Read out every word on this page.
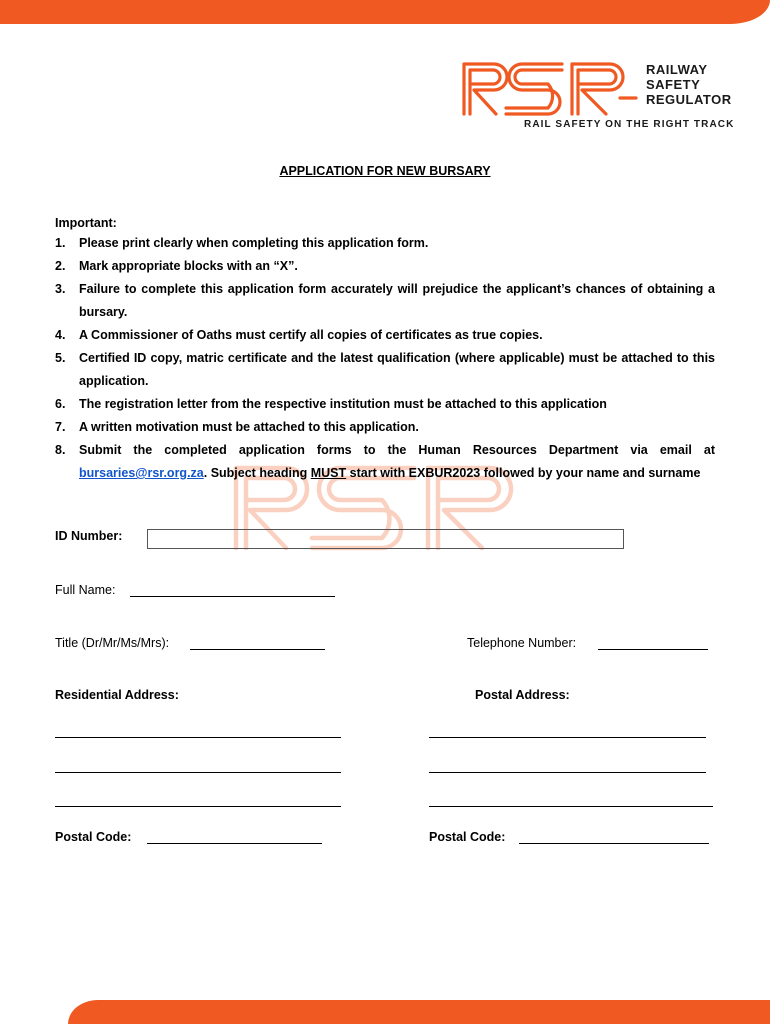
RAILWAY
SAFETY
REGULATOR
RAIL SAFETY ON THE RIGHT TRACK
APPLICATION FOR NEW BURSARY
Important:
1. Please print clearly when completing this application form.
2. Mark appropriate blocks with an “X”.
3. Failure to complete this application form accurately will prejudice the applicant’s chances of obtaining a bursary.
4. A Commissioner of Oaths must certify all copies of certificates as true copies.
5. Certified ID copy, matric certificate and the latest qualification (where applicable) must be attached to this application.
6. The registration letter from the respective institution must be attached to this application
7. A written motivation must be attached to this application.
8. Submit the completed application forms to the Human Resources Department via email at bursaries@rsr.org.za. Subject heading MUST start with EXBUR2023 followed by your name and surname
ID Number:
Full Name:
Title (Dr/Mr/Ms/Mrs):	Telephone Number:
Residential Address:	Postal Address:
Postal Code:	Postal Code:
